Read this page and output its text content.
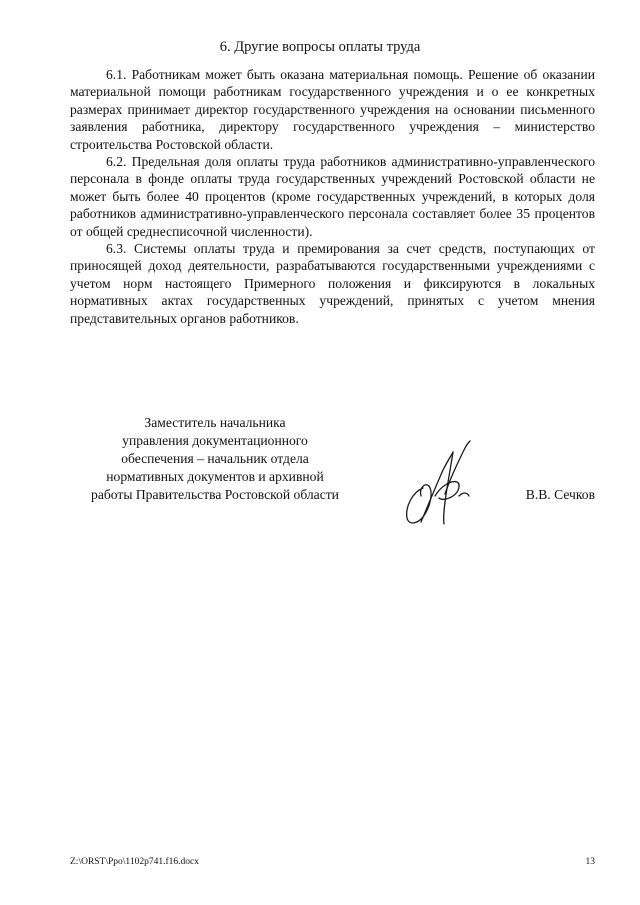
6. Другие вопросы оплаты труда

6.1. Работникам может быть оказана материальная помощь. Решение об оказании материальной помощи работникам государственного учреждения и о ее конкретных размерах принимает директор государственного учреждения на основании письменного заявления работника, директору государственного учреждения – министерство строительства Ростовской области.

6.2. Предельная доля оплаты труда работников административно-управленческого персонала в фонде оплаты труда государственных учреждений Ростовской области не может быть более 40 процентов (кроме государственных учреждений, в которых доля работников административно-управленческого персонала составляет более 35 процентов от общей среднесписочной численности).

6.3. Системы оплаты труда и премирования за счет средств, поступающих от приносящей доход деятельности, разрабатываются государственными учреждениями с учетом норм настоящего Примерного положения и фиксируются в локальных нормативных актах государственных учреждений, принятых с учетом мнения представительных органов работников.

Заместитель начальника
управления документационного
обеспечения – начальник отдела
нормативных документов и архивной
работы Правительства Ростовской области	В.В. Сечков
Z:\ORST\Ppo\1102p741.f16.docx	13
